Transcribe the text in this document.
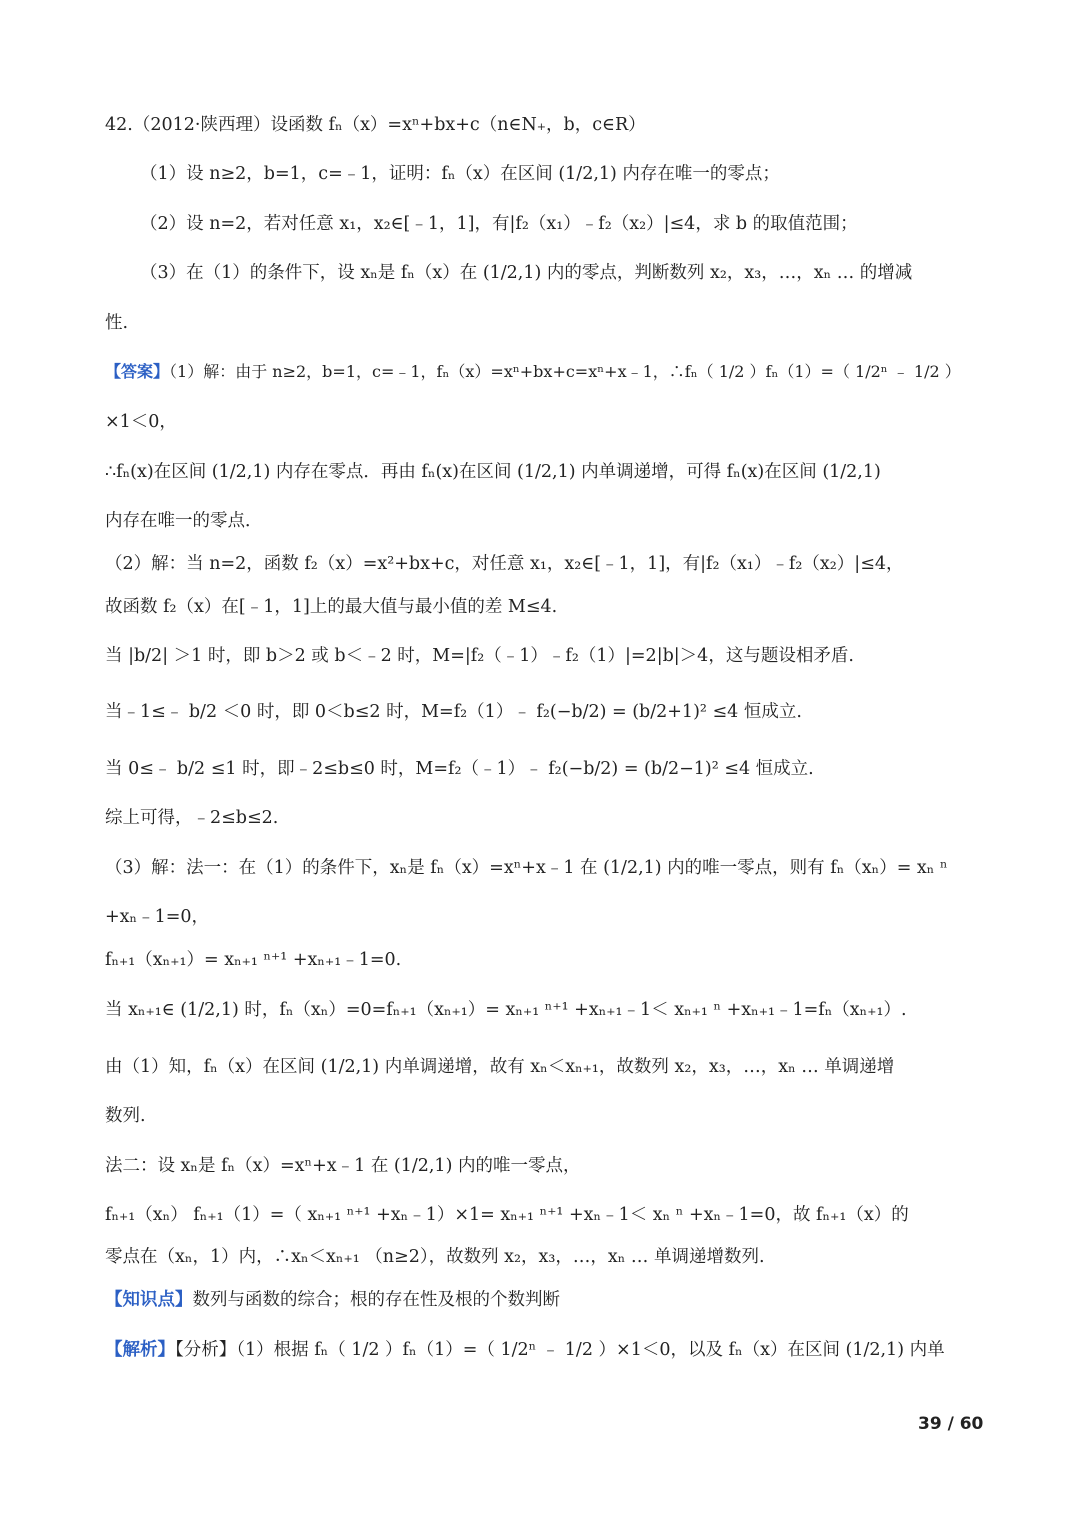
42.（2012·陕西理）设函数 fₙ（x）=xⁿ+bx+c（n∈N₊，b，c∈R）
（1）设 n≥2，b=1，c=﹣1，证明：fₙ（x）在区间 (1/2,1) 内存在唯一的零点；
（2）设 n=2，若对任意 x₁，x₂∈[﹣1，1]，有|f₂（x₁）﹣f₂（x₂）|≤4，求 b 的取值范围；
（3）在（1）的条件下，设 xₙ是 fₙ（x）在 (1/2,1) 内的零点，判断数列 x₂，x₃，…，xₙ … 的增减
性.
【答案】（1）解：由于 n≥2，b=1，c=﹣1，fₙ（x）=xⁿ+bx+c=xⁿ+x﹣1，∴fₙ（ 1/2 ）fₙ（1）=（ 1/2ⁿ ﹣ 1/2 ）
×1＜0，
∴fₙ(x)在区间 (1/2,1) 内存在零点．再由 fₙ(x)在区间 (1/2,1) 内单调递增，可得 fₙ(x)在区间 (1/2,1)
内存在唯一的零点．
（2）解：当 n=2，函数 f₂（x）=x²+bx+c，对任意 x₁，x₂∈[﹣1，1]，有|f₂（x₁）﹣f₂（x₂）|≤4，
故函数 f₂（x）在[﹣1，1]上的最大值与最小值的差 M≤4.
当 |b/2| ＞1 时，即 b＞2 或 b＜﹣2 时，M=|f₂（﹣1）﹣f₂（1）|=2|b|＞4，这与题设相矛盾.
当﹣1≤﹣ b/2 ＜0 时，即 0＜b≤2 时，M=f₂（1）﹣ f₂(−b/2) = (b/2+1)² ≤4 恒成立.
当 0≤﹣ b/2 ≤1 时，即﹣2≤b≤0 时，M=f₂（﹣1）﹣ f₂(−b/2) = (b/2−1)² ≤4 恒成立.
综上可得，﹣2≤b≤2.
（3）解：法一：在（1）的条件下，xₙ是 fₙ（x）=xⁿ+x﹣1 在 (1/2,1) 内的唯一零点，则有 fₙ（xₙ）= xₙ ⁿ
+xₙ﹣1=0，
fₙ₊₁（xₙ₊₁）= xₙ₊₁ ⁿ⁺¹ +xₙ₊₁﹣1=0.
当 xₙ₊₁∈ (1/2,1) 时，fₙ（xₙ）=0=fₙ₊₁（xₙ₊₁）= xₙ₊₁ ⁿ⁺¹ +xₙ₊₁﹣1＜ xₙ₊₁ ⁿ +xₙ₊₁﹣1=fₙ（xₙ₊₁）.
由（1）知，fₙ（x）在区间 (1/2,1) 内单调递增，故有 xₙ＜xₙ₊₁，故数列 x₂，x₃，…，xₙ … 单调递增
数列.
法二：设 xₙ是 fₙ（x）=xⁿ+x﹣1 在 (1/2,1) 内的唯一零点，
fₙ₊₁（xₙ） fₙ₊₁（1）=（ xₙ₊₁ ⁿ⁺¹ +xₙ﹣1）×1= xₙ₊₁ ⁿ⁺¹ +xₙ﹣1＜ xₙ ⁿ +xₙ﹣1=0，故 fₙ₊₁（x）的
零点在（xₙ，1）内，∴xₙ＜xₙ₊₁ （n≥2），故数列 x₂，x₃，…，xₙ … 单调递增数列.
【知识点】数列与函数的综合；根的存在性及根的个数判断
【解析】【分析】（1）根据 fₙ（ 1/2 ）fₙ（1）=（ 1/2ⁿ ﹣ 1/2 ）×1＜0，以及 fₙ（x）在区间 (1/2,1) 内单
39 / 60
